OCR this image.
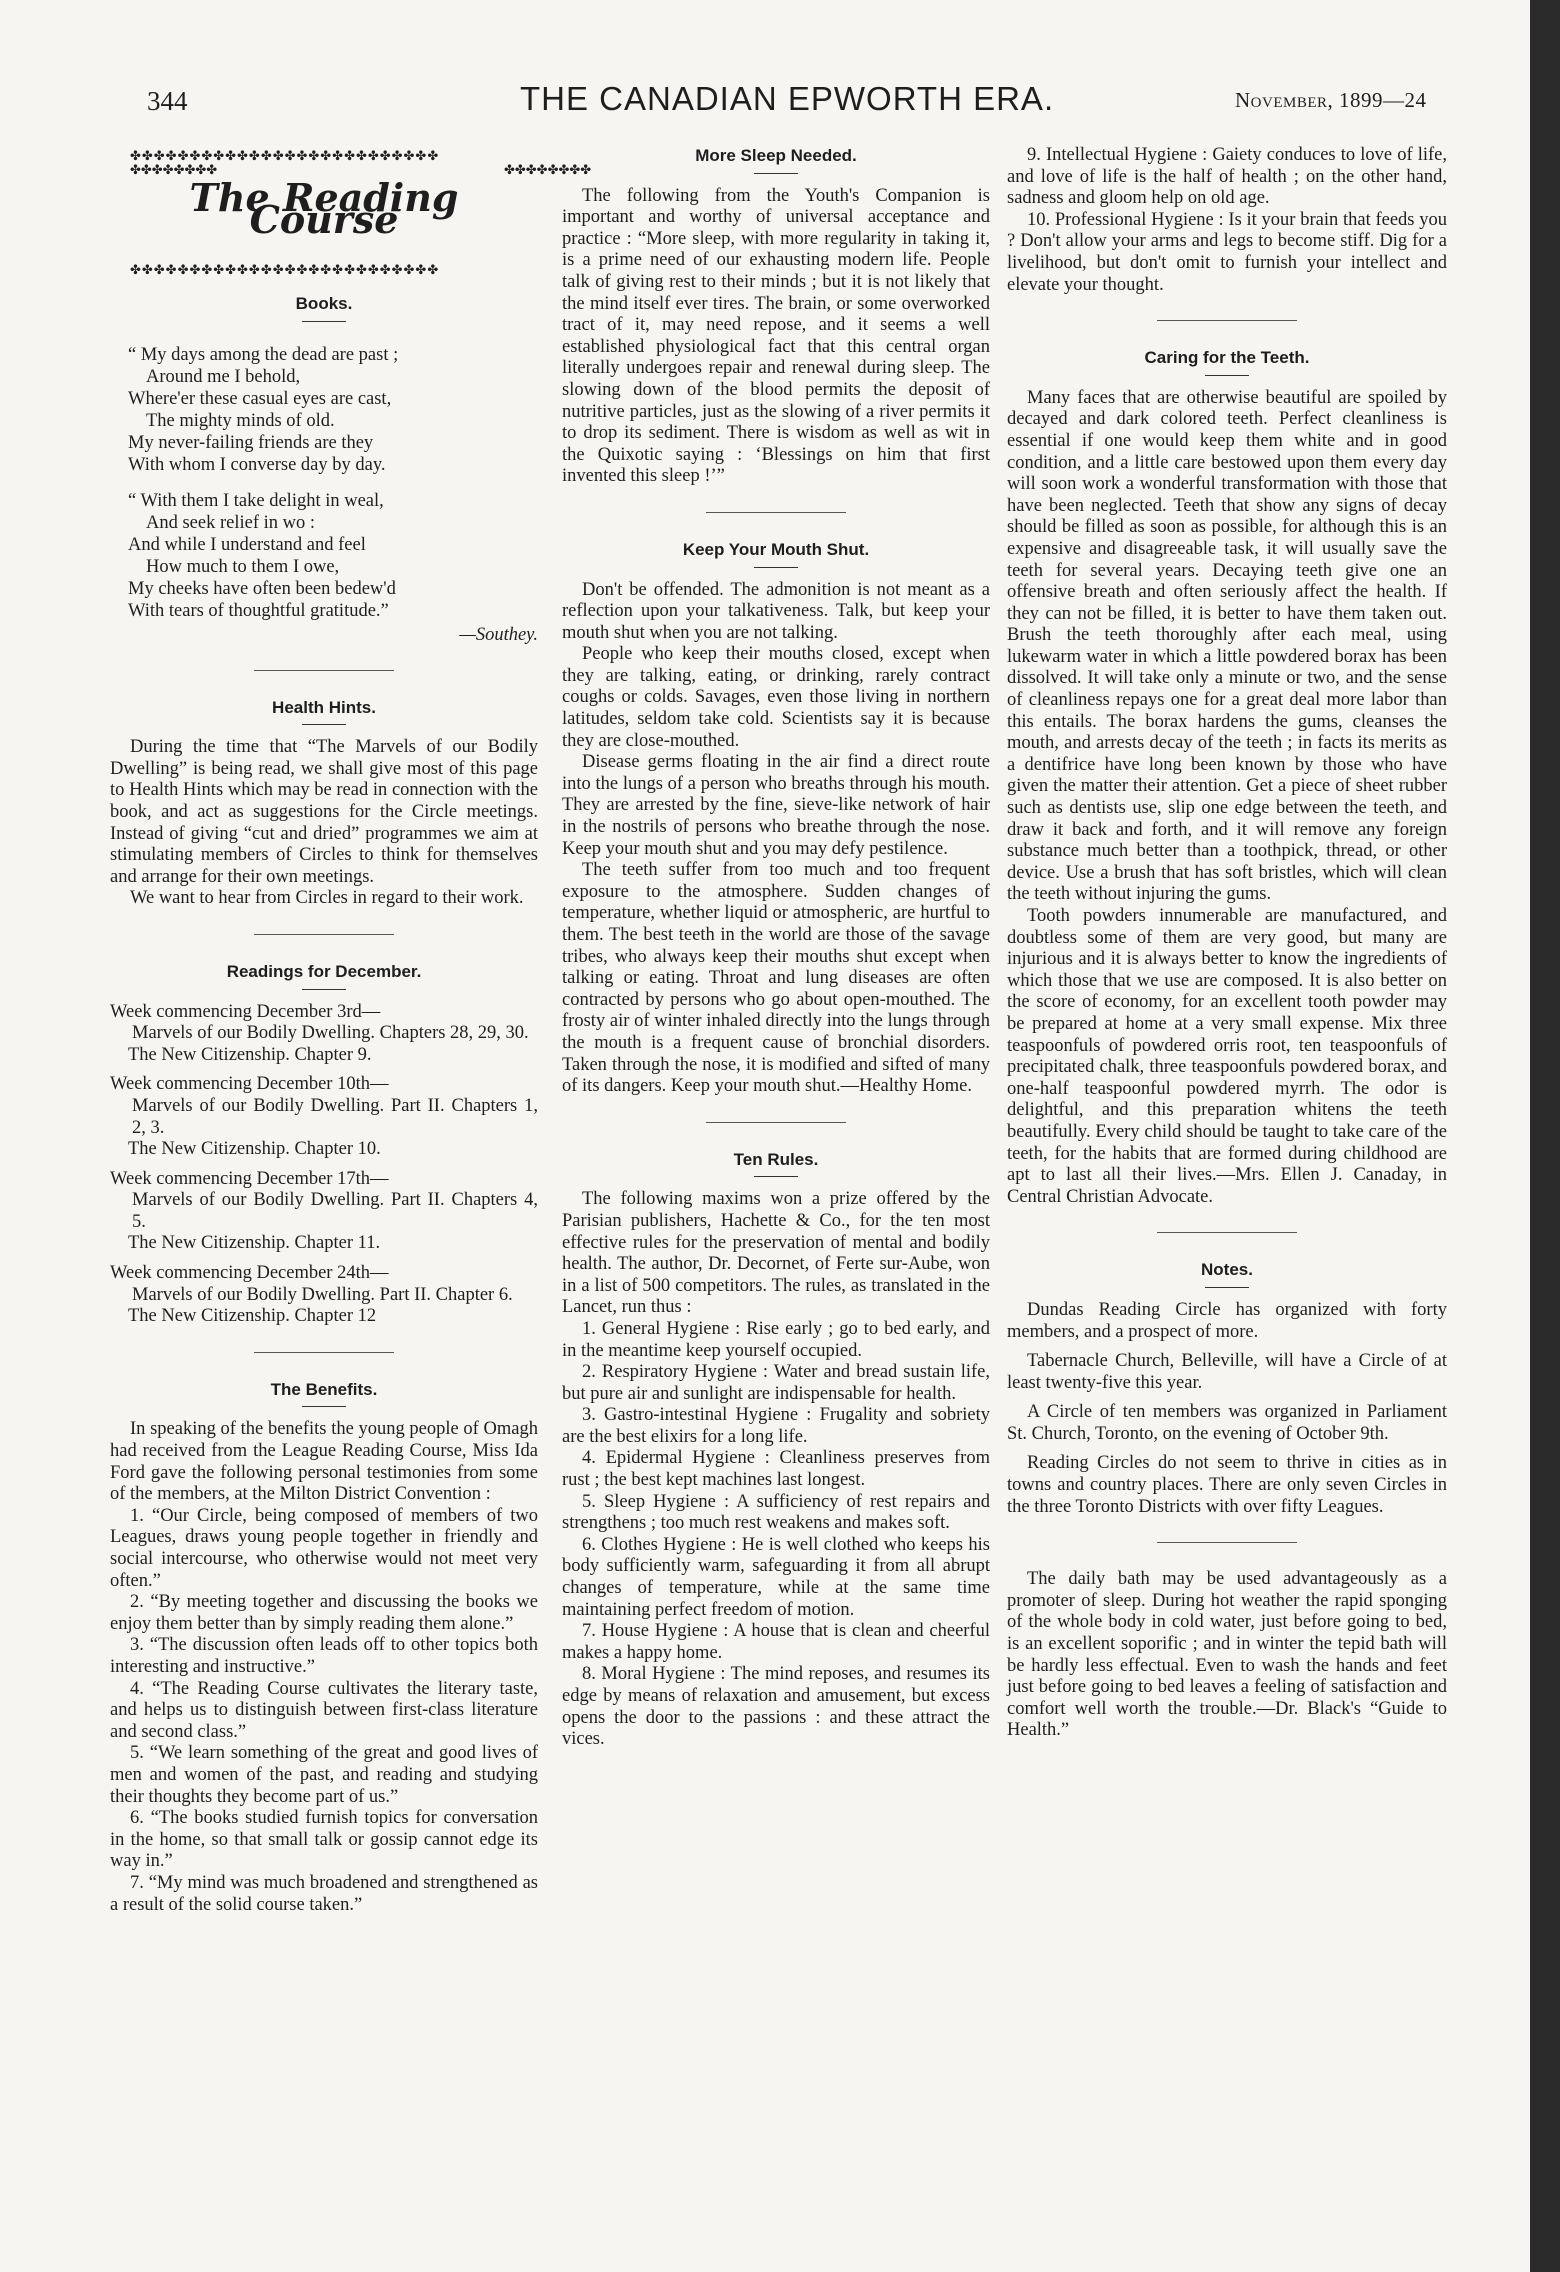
344	THE CANADIAN EPWORTH ERA.	November, 1899—24
✤✤✤✤✤✤✤✤✤✤✤✤✤✤✤✤✤✤✤✤✤✤✤✤✤✤
✤✤✤✤✤✤✤✤	✤✤✤✤✤✤✤✤
The Reading Course
✤✤✤✤✤✤✤✤✤✤✤✤✤✤✤✤✤✤✤✤✤✤✤✤✤✤
Books.
“ My days among the dead are past ;
Around me I behold,
Where'er these casual eyes are cast,
The mighty minds of old.
My never-failing friends are they
With whom I converse day by day.
“ With them I take delight in weal,
And seek relief in wo :
And while I understand and feel
How much to them I owe,
My cheeks have often been bedew'd
With tears of thoughtful gratitude.”
—Southey.
Health Hints.

During the time that “The Marvels of our Bodily Dwelling” is being read, we shall give most of this page to Health Hints which may be read in connection with the book, and act as suggestions for the Circle meetings. Instead of giving “cut and dried” programmes we aim at stimulating members of Circles to think for themselves and arrange for their own meetings.

We want to hear from Circles in regard to their work.

Readings for December.

Week commencing December 3rd—

Marvels of our Bodily Dwelling. Chapters 28, 29, 30.

The New Citizenship. Chapter 9.

Week commencing December 10th—

Marvels of our Bodily Dwelling. Part II. Chapters 1, 2, 3.

The New Citizenship. Chapter 10.

Week commencing December 17th—

Marvels of our Bodily Dwelling. Part II. Chapters 4, 5.

The New Citizenship. Chapter 11.

Week commencing December 24th—

Marvels of our Bodily Dwelling. Part II. Chapter 6.

The New Citizenship. Chapter 12

The Benefits.

In speaking of the benefits the young people of Omagh had received from the League Reading Course, Miss Ida Ford gave the following personal testimonies from some of the members, at the Milton District Convention :

1. “Our Circle, being composed of members of two Leagues, draws young people together in friendly and social intercourse, who otherwise would not meet very often.”

2. “By meeting together and discussing the books we enjoy them better than by simply reading them alone.”

3. “The discussion often leads off to other topics both interesting and instructive.”

4. “The Reading Course cultivates the literary taste, and helps us to distinguish between first-class literature and second class.”

5. “We learn something of the great and good lives of men and women of the past, and reading and studying their thoughts they become part of us.”

6. “The books studied furnish topics for conversation in the home, so that small talk or gossip cannot edge its way in.”

7. “My mind was much broadened and strengthened as a result of the solid course taken.”

More Sleep Needed.

The following from the Youth's Companion is important and worthy of universal acceptance and practice : “More sleep, with more regularity in taking it, is a prime need of our exhausting modern life. People talk of giving rest to their minds ; but it is not likely that the mind itself ever tires. The brain, or some overworked tract of it, may need repose, and it seems a well established physiological fact that this central organ literally undergoes repair and renewal during sleep. The slowing down of the blood permits the deposit of nutritive particles, just as the slowing of a river permits it to drop its sediment. There is wisdom as well as wit in the Quixotic saying : ‘Blessings on him that first invented this sleep !’”

Keep Your Mouth Shut.

Don't be offended. The admonition is not meant as a reflection upon your talkativeness. Talk, but keep your mouth shut when you are not talking.

People who keep their mouths closed, except when they are talking, eating, or drinking, rarely contract coughs or colds. Savages, even those living in northern latitudes, seldom take cold. Scientists say it is because they are close-mouthed.

Disease germs floating in the air find a direct route into the lungs of a person who breaths through his mouth. They are arrested by the fine, sieve-like network of hair in the nostrils of persons who breathe through the nose. Keep your mouth shut and you may defy pestilence.

The teeth suffer from too much and too frequent exposure to the atmosphere. Sudden changes of temperature, whether liquid or atmospheric, are hurtful to them. The best teeth in the world are those of the savage tribes, who always keep their mouths shut except when talking or eating. Throat and lung diseases are often contracted by persons who go about open-mouthed. The frosty air of winter inhaled directly into the lungs through the mouth is a frequent cause of bronchial disorders. Taken through the nose, it is modified and sifted of many of its dangers. Keep your mouth shut.—Healthy Home.

Ten Rules.

The following maxims won a prize offered by the Parisian publishers, Hachette & Co., for the ten most effective rules for the preservation of mental and bodily health. The author, Dr. Decornet, of Ferte sur-Aube, won in a list of 500 competitors. The rules, as translated in the Lancet, run thus :

1. General Hygiene : Rise early ; go to bed early, and in the meantime keep yourself occupied.

2. Respiratory Hygiene : Water and bread sustain life, but pure air and sunlight are indispensable for health.

3. Gastro-intestinal Hygiene : Frugality and sobriety are the best elixirs for a long life.

4. Epidermal Hygiene : Cleanliness preserves from rust ; the best kept machines last longest.

5. Sleep Hygiene : A sufficiency of rest repairs and strengthens ; too much rest weakens and makes soft.

6. Clothes Hygiene : He is well clothed who keeps his body sufficiently warm, safeguarding it from all abrupt changes of temperature, while at the same time maintaining perfect freedom of motion.

7. House Hygiene : A house that is clean and cheerful makes a happy home.

8. Moral Hygiene : The mind reposes, and resumes its edge by means of relaxation and amusement, but excess opens the door to the passions : and these attract the vices.

9. Intellectual Hygiene : Gaiety conduces to love of life, and love of life is the half of health ; on the other hand, sadness and gloom help on old age.

10. Professional Hygiene : Is it your brain that feeds you ? Don't allow your arms and legs to become stiff. Dig for a livelihood, but don't omit to furnish your intellect and elevate your thought.

Caring for the Teeth.

Many faces that are otherwise beautiful are spoiled by decayed and dark colored teeth. Perfect cleanliness is essential if one would keep them white and in good condition, and a little care bestowed upon them every day will soon work a wonderful transformation with those that have been neglected. Teeth that show any signs of decay should be filled as soon as possible, for although this is an expensive and disagreeable task, it will usually save the teeth for several years. Decaying teeth give one an offensive breath and often seriously affect the health. If they can not be filled, it is better to have them taken out. Brush the teeth thoroughly after each meal, using lukewarm water in which a little powdered borax has been dissolved. It will take only a minute or two, and the sense of cleanliness repays one for a great deal more labor than this entails. The borax hardens the gums, cleanses the mouth, and arrests decay of the teeth ; in facts its merits as a dentifrice have long been known by those who have given the matter their attention. Get a piece of sheet rubber such as dentists use, slip one edge between the teeth, and draw it back and forth, and it will remove any foreign substance much better than a toothpick, thread, or other device. Use a brush that has soft bristles, which will clean the teeth without injuring the gums.

Tooth powders innumerable are manufactured, and doubtless some of them are very good, but many are injurious and it is always better to know the ingredients of which those that we use are composed. It is also better on the score of economy, for an excellent tooth powder may be prepared at home at a very small expense. Mix three teaspoonfuls of powdered orris root, ten teaspoonfuls of precipitated chalk, three teaspoonfuls powdered borax, and one-half teaspoonful powdered myrrh. The odor is delightful, and this preparation whitens the teeth beautifully. Every child should be taught to take care of the teeth, for the habits that are formed during childhood are apt to last all their lives.—Mrs. Ellen J. Canaday, in Central Christian Advocate.

Notes.

Dundas Reading Circle has organized with forty members, and a prospect of more.

Tabernacle Church, Belleville, will have a Circle of at least twenty-five this year.

A Circle of ten members was organized in Parliament St. Church, Toronto, on the evening of October 9th.

Reading Circles do not seem to thrive in cities as in towns and country places. There are only seven Circles in the three Toronto Districts with over fifty Leagues.

The daily bath may be used advantageously as a promoter of sleep. During hot weather the rapid sponging of the whole body in cold water, just before going to bed, is an excellent soporific ; and in winter the tepid bath will be hardly less effectual. Even to wash the hands and feet just before going to bed leaves a feeling of satisfaction and comfort well worth the trouble.—Dr. Black's “Guide to Health.”
